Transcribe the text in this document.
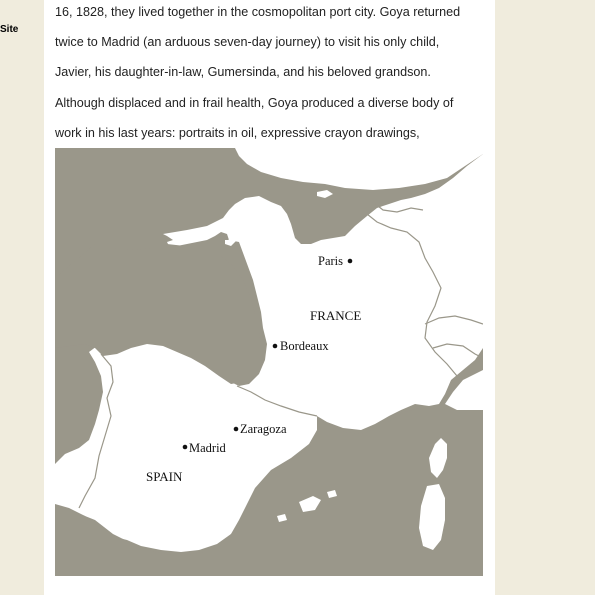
Site

16, 1828, they lived together in the cosmopolitan port city. Goya returned

twice to Madrid (an arduous seven-day journey) to visit his only child,

Javier, his daughter-in-law, Gumersinda, and his beloved grandson.

Although displaced and in frail health, Goya produced a diverse body of

work in his last years: portraits in oil, expressive crayon drawings,

Paris
FRANCE
Bordeaux
Zaragoza
Madrid
SPAIN
